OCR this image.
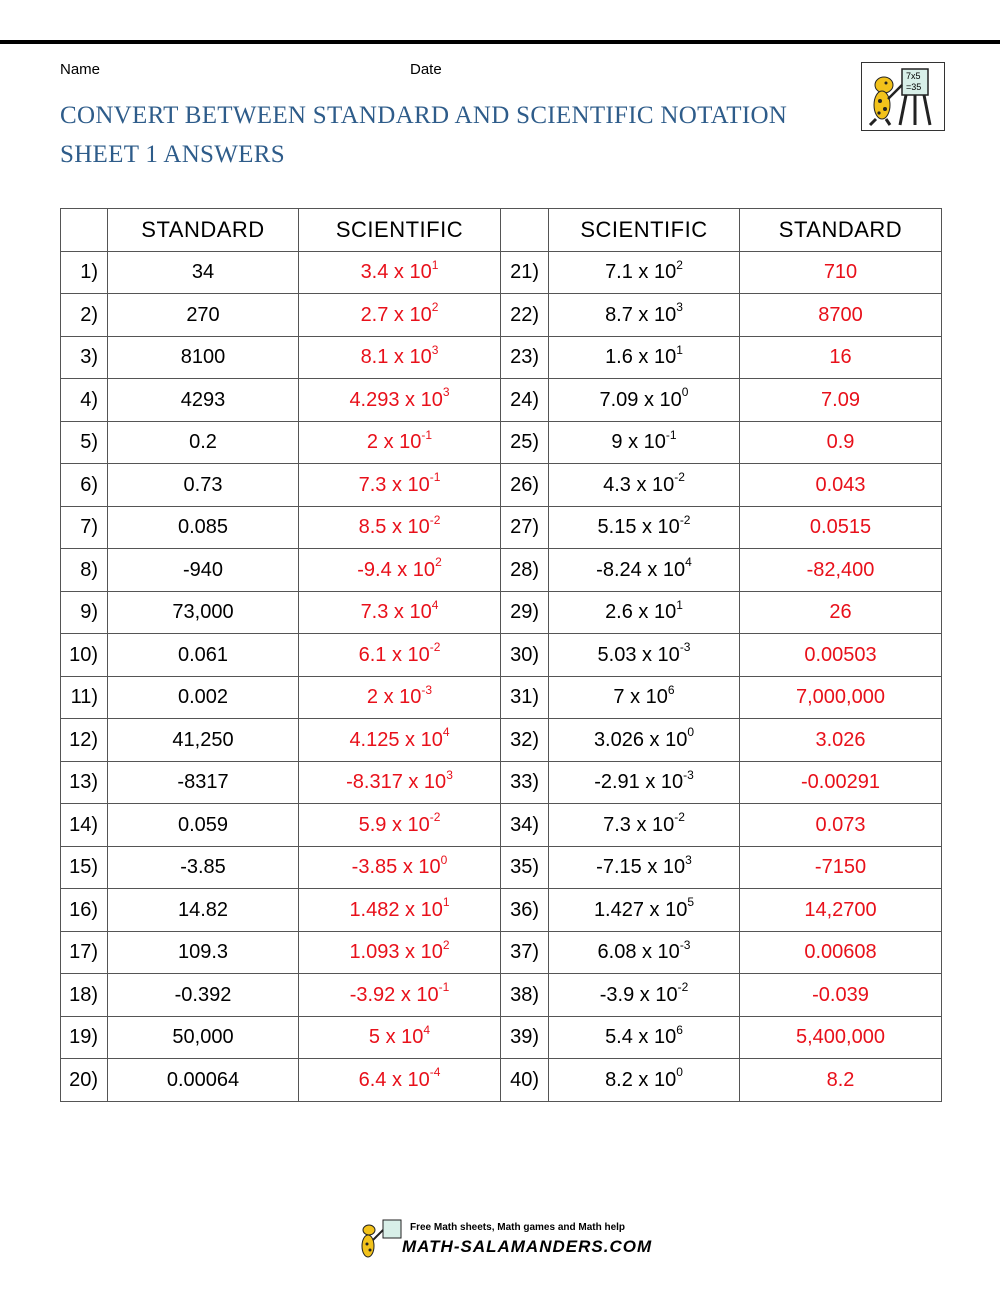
Name	Date
CONVERT BETWEEN STANDARD AND SCIENTIFIC NOTATION
SHEET 1 ANSWERS
7x5
=35
	STANDARD	SCIENTIFIC		SCIENTIFIC	STANDARD
1)	34	3.4 x $10^1$	21)	7.1 x $10^2$	710
2)	270	2.7 x $10^2$	22)	8.7 x $10^3$	8700
3)	8100	8.1 x $10^3$	23)	1.6 x $10^1$	16
4)	4293	4.293 x $10^3$	24)	7.09 x $10^0$	7.09
5)	0.2	2 x $10^{-1}$	25)	9 x $10^{-1}$	0.9
6)	0.73	7.3 x $10^{-1}$	26)	4.3 x $10^{-2}$	0.043
7)	0.085	8.5 x $10^{-2}$	27)	5.15 x $10^{-2}$	0.0515
8)	-940	-9.4 x $10^2$	28)	-8.24 x $10^4$	-82,400
9)	73,000	7.3 x $10^4$	29)	2.6 x $10^1$	26
10)	0.061	6.1 x $10^{-2}$	30)	5.03 x $10^{-3}$	0.00503
11)	0.002	2 x $10^{-3}$	31)	7 x $10^6$	7,000,000
12)	41,250	4.125 x $10^4$	32)	3.026 x $10^0$	3.026
13)	-8317	-8.317 x $10^3$	33)	-2.91 x $10^{-3}$	-0.00291
14)	0.059	5.9 x $10^{-2}$	34)	7.3 x $10^{-2}$	0.073
15)	-3.85	-3.85 x $10^0$	35)	-7.15 x $10^3$	-7150
16)	14.82	1.482 x $10^1$	36)	1.427 x $10^5$	14,2700
17)	109.3	1.093 x $10^2$	37)	6.08 x $10^{-3}$	0.00608
18)	-0.392	-3.92 x $10^{-1}$	38)	-3.9 x $10^{-2}$	-0.039
19)	50,000	5 x $10^4$	39)	5.4 x $10^6$	5,400,000
20)	0.00064	6.4 x $10^{-4}$	40)	8.2 x $10^0$	8.2
Free Math sheets, Math games and Math help
MATH-SALAMANDERS.COM
